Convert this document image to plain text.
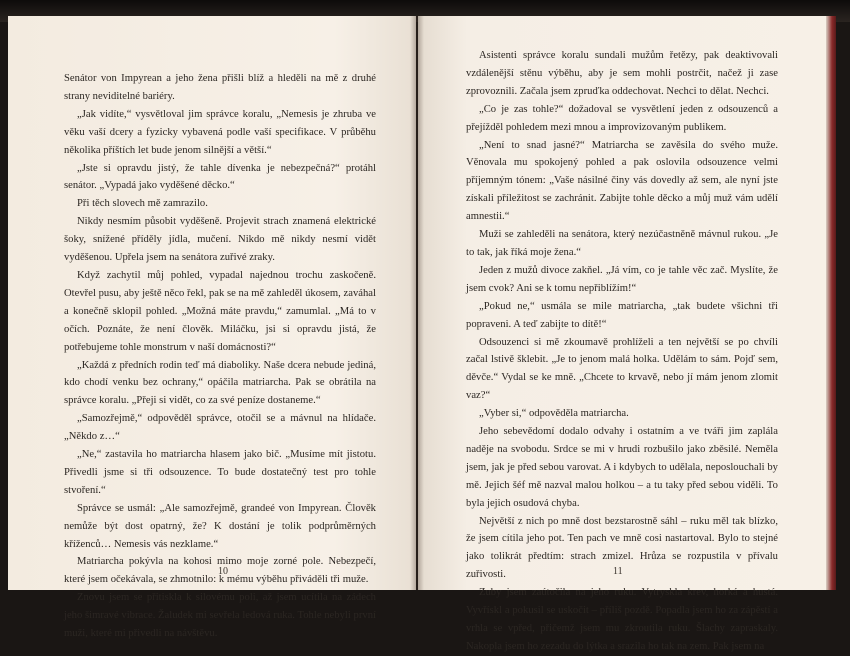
Senátor von Impyrean a jeho žena přišli blíž a hleděli na mě z druhé strany neviditelné bariéry.

„Jak vidíte,“ vysvětloval jim správce koralu, „Nemesis je zhruba ve věku vaší dcery a fyzicky vybavená podle vaší specifikace. V průběhu několika příštích let bude jenom silnější a větší.“

„Jste si opravdu jistý, že tahle dívenka je nebezpečná?“ protáhl senátor. „Vypadá jako vyděšené děcko.“

Při těch slovech mě zamrazilo.

Nikdy nesmím působit vyděšeně. Projevit strach znamená elektrické šoky, snížené příděly jídla, mučení. Nikdo mě nikdy nesmí vidět vyděšenou. Upřela jsem na senátora zuřivé zraky.

Když zachytil můj pohled, vypadal najednou trochu zaskočeně. Otevřel pusu, aby ještě něco řekl, pak se na mě zahleděl úkosem, zaváhal a konečně sklopil pohled. „Možná máte pravdu,“ zamumlal. „Má to v očích. Poznáte, že není člověk. Miláčku, jsi si opravdu jistá, že potřebujeme tohle monstrum v naší domácnosti?“

„Každá z předních rodin teď má diaboliky. Naše dcera nebude jediná, kdo chodí venku bez ochrany,“ opáčila matriarcha. Pak se obrátila na správce koralu. „Přeji si vidět, co za své peníze dostaneme.“

„Samozřejmě,“ odpověděl správce, otočil se a mávnul na hlídače. „Někdo z…“

„Ne,“ zastavila ho matriarcha hlasem jako bič. „Musíme mít jistotu. Přivedli jsme si tři odsouzence. To bude dostatečný test pro tohle stvoření.“

Správce se usmál: „Ale samozřejmě, grandeé von Impyrean. Člověk nemůže být dost opatrný, že? K dostání je tolik podprůměrných kříženců… Nemesis vás nezklame.“

Matriarcha pokývla na kohosi mimo moje zorné pole. Nebezpečí, které jsem očekávala, se zhmotnilo: k mému výběhu přiváděli tři muže.

Znovu jsem se přitiskla k silovému poli, až jsem ucítila na zádech jeho šimravé vibrace. Žaludek mi sevřela ledová ruka. Tohle nebyli první muži, které mi přivedli na návštěvu.

10

Asistenti správce koralu sundali mužům řetězy, pak deaktivovali vzdálenější stěnu výběhu, aby je sem mohli postrčit, načež ji zase zprovoznili. Začala jsem zpruďka oddechovat. Nechci to dělat. Nechci.

„Co je zas tohle?“ dožadoval se vysvětlení jeden z odsouzenců a přejížděl pohledem mezi mnou a improvizovaným publikem.

„Není to snad jasné?“ Matriarcha se zavěsila do svého muže. Věnovala mu spokojený pohled a pak oslovila odsouzence velmi příjemným tónem: „Vaše násilné činy vás dovedly až sem, ale nyní jste získali příležitost se zachránit. Zabijte tohle děcko a můj muž vám udělí amnestii.“

Muži se zahleděli na senátora, který nezúčastněně mávnul rukou. „Je to tak, jak říká moje žena.“

Jeden z mužů divoce zakňel. „Já vím, co je tahle věc zač. Myslíte, že jsem cvok? Ani se k tomu nepřiblížím!“

„Pokud ne,“ usmála se mile matriarcha, „tak budete všichni tři popraveni. A teď zabijte to dítě!“

Odsouzenci si mě zkoumavě prohlíželi a ten největší se po chvíli začal lstivě šklebit. „Je to jenom malá holka. Udělám to sám. Pojď sem, děvče.“ Vydal se ke mně. „Chcete to krvavě, nebo jí mám jenom zlomit vaz?“

„Vyber si,“ odpověděla matriarcha.

Jeho sebevědomí dodalo odvahy i ostatním a ve tváři jim zaplála naděje na svobodu. Srdce se mi v hrudi rozbušilo jako zběsilé. Neměla jsem, jak je před sebou varovat. A i kdybych to udělala, neposlouchali by mě. Jejich šéf mě nazval malou holkou – a tu taky před sebou viděli. To byla jejich osudová chyba.

Největší z nich po mně dost bezstarostně sáhl – ruku měl tak blízko, že jsem cítila jeho pot. Ten pach ve mně cosi nastartoval. Bylo to stejné jako tolikrát předtím: strach zmizel. Hrůza se rozpustila v přívalu zuřivosti.

Zuby jsem zaútočila na jeho ruku. Vytryskla krev, horká a hustá. Vyvřískl a pokusil se uskočit – příliš pozdě. Popadla jsem ho za zápěstí a vrhla se vpřed, přičemž jsem mu zkroutila ruku. Šlachy zapraskaly. Nakopla jsem ho zezadu do lýtka a srazila ho tak na zem. Pak jsem na

11
